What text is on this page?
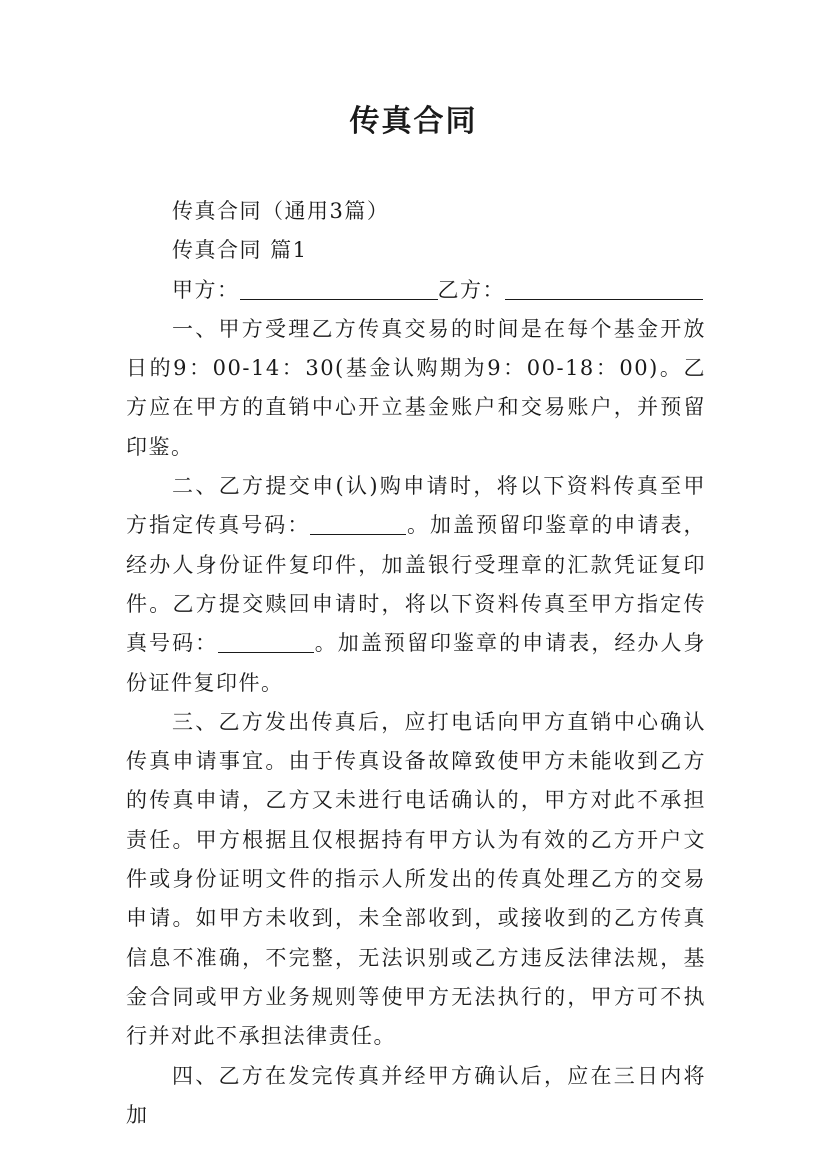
传真合同

传真合同（通用3篇）

传真合同 篇1

甲方：	乙方：

一、甲方受理乙方传真交易的时间是在每个基金开放日的9：00-14：30(基金认购期为9：00-18：00)。乙方应在甲方的直销中心开立基金账户和交易账户，并预留印鉴。

二、乙方提交申(认)购申请时，将以下资料传真至甲方指定传真号码：	。加盖预留印鉴章的申请表，经办人身份证件复印件，加盖银行受理章的汇款凭证复印件。乙方提交赎回申请时，将以下资料传真至甲方指定传真号码：	。加盖预留印鉴章的申请表，经办人身份证件复印件。

三、乙方发出传真后，应打电话向甲方直销中心确认传真申请事宜。由于传真设备故障致使甲方未能收到乙方的传真申请，乙方又未进行电话确认的，甲方对此不承担责任。甲方根据且仅根据持有甲方认为有效的乙方开户文件或身份证明文件的指示人所发出的传真处理乙方的交易申请。如甲方未收到，未全部收到，或接收到的乙方传真信息不准确，不完整，无法识别或乙方违反法律法规，基金合同或甲方业务规则等使甲方无法执行的，甲方可不执行并对此不承担法律责任。

四、乙方在发完传真并经甲方确认后，应在三日内将加
